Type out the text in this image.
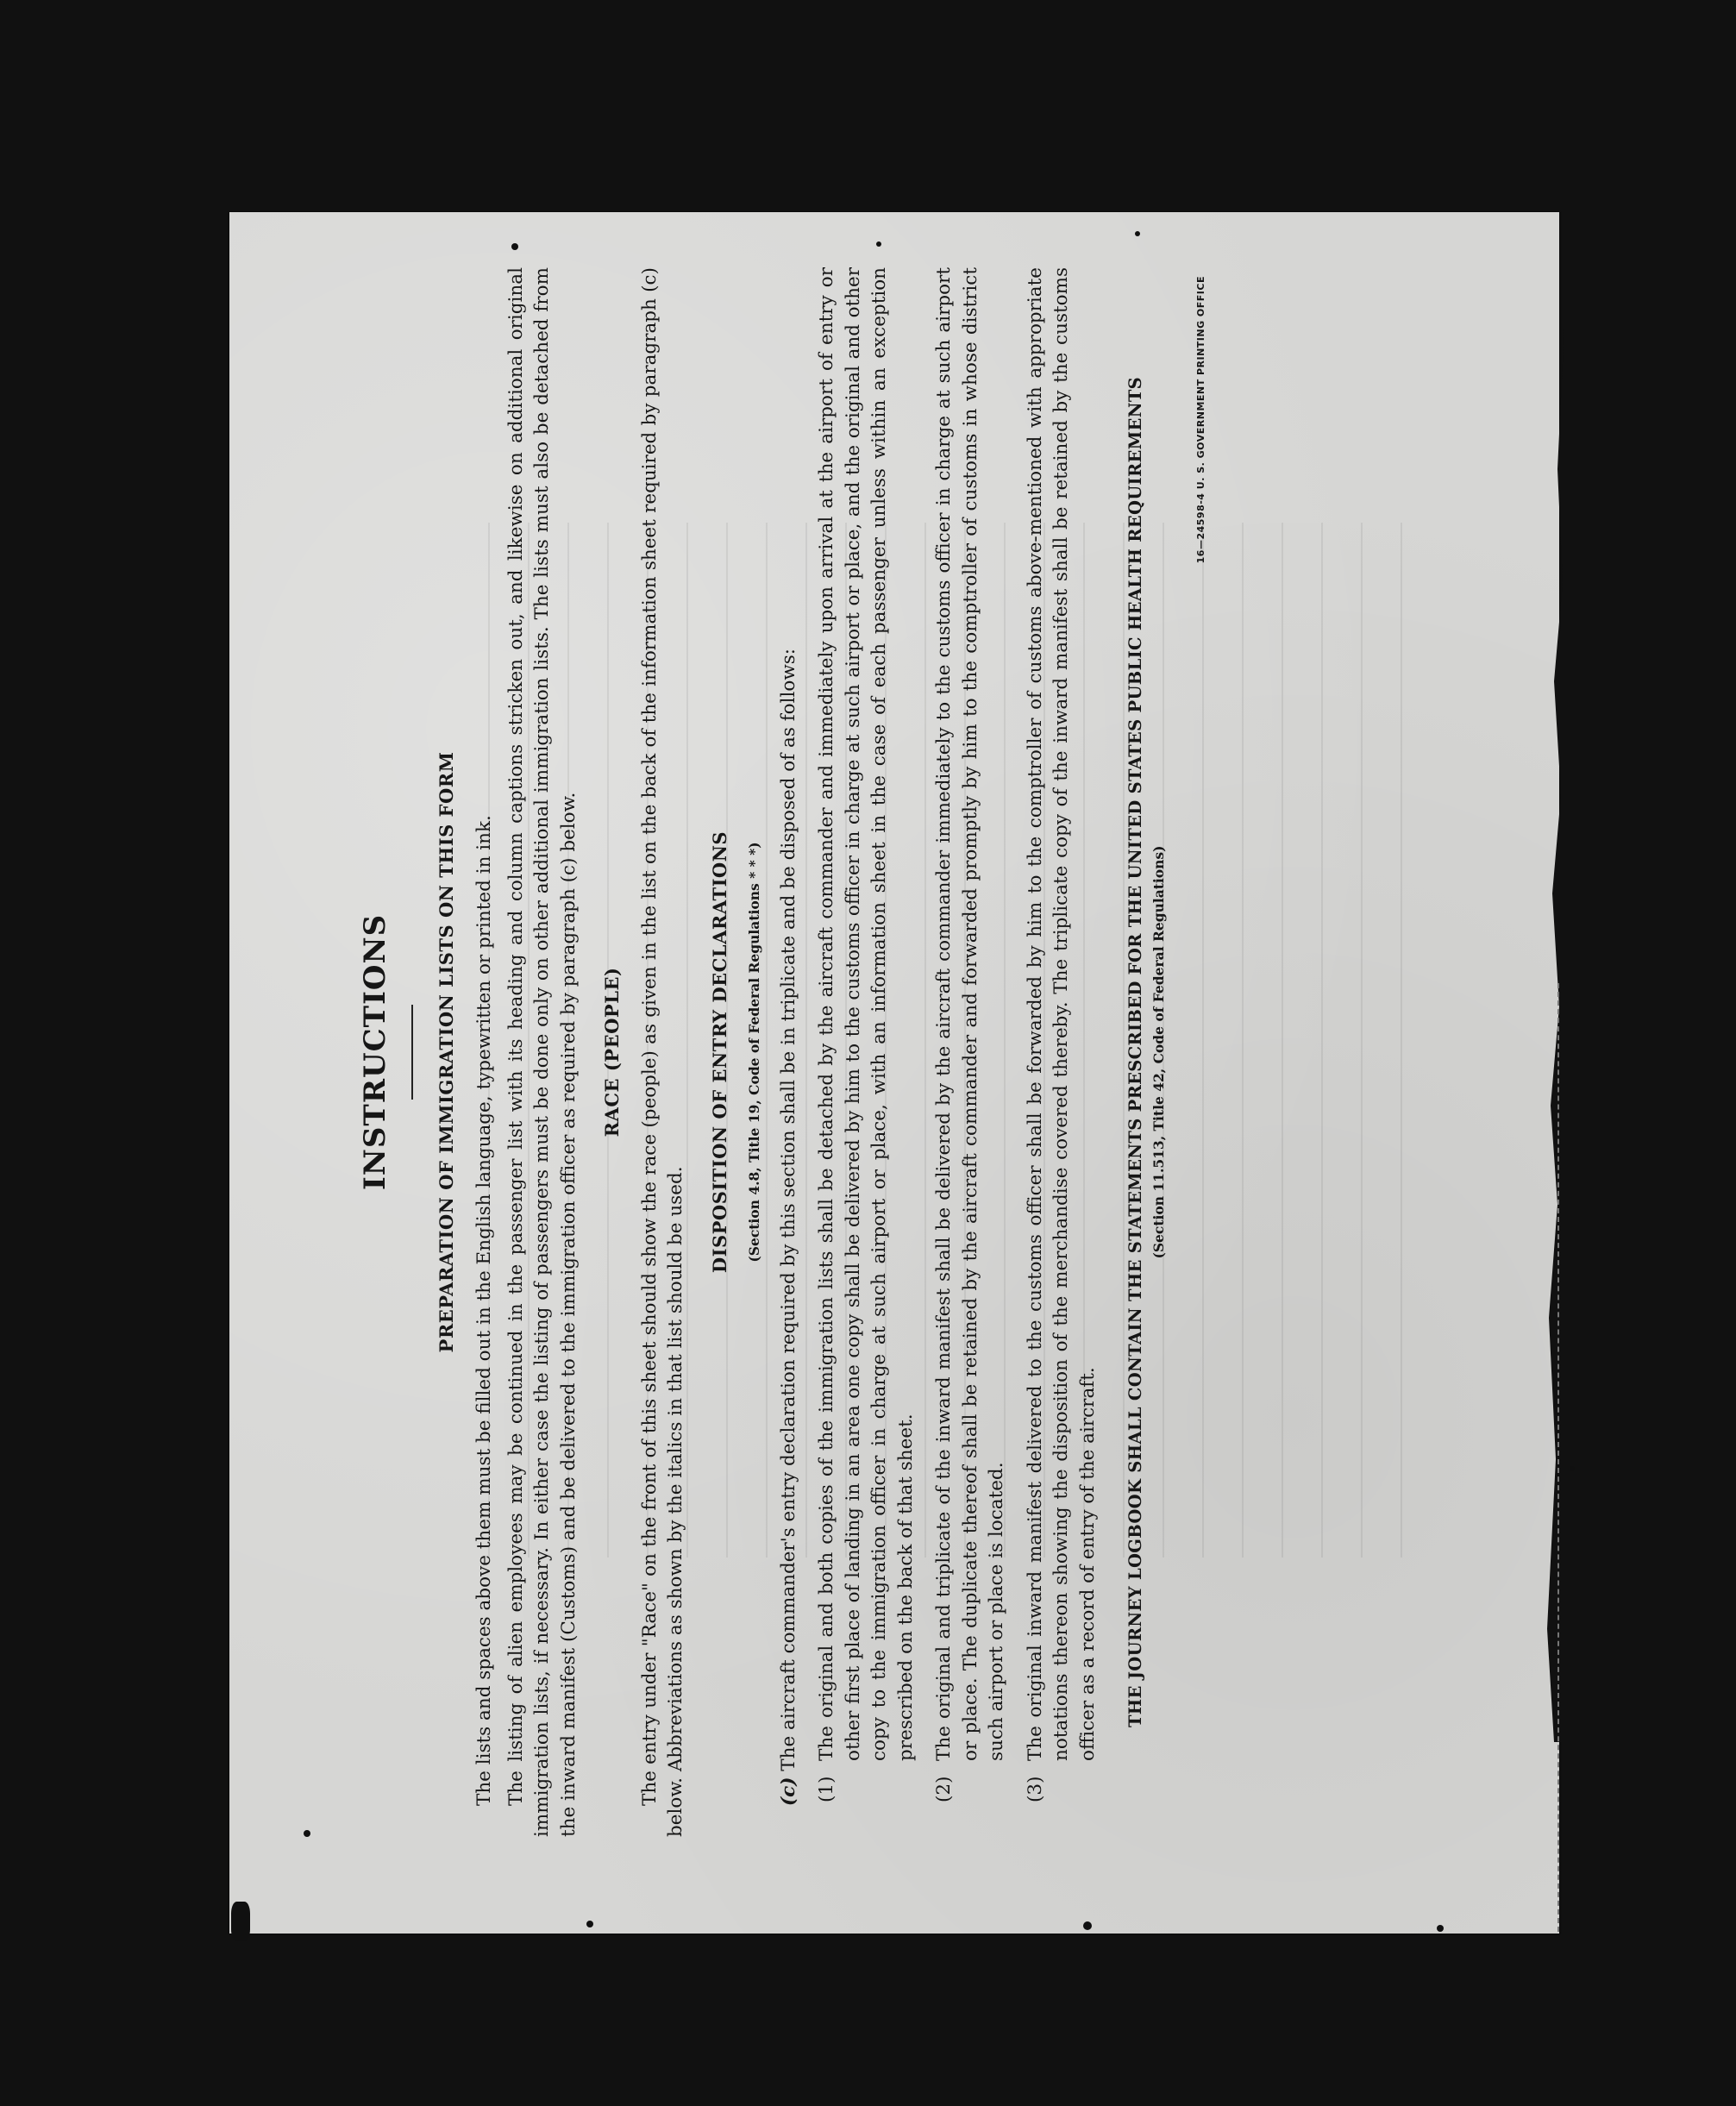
INSTRUCTIONS PREPARATION OF IMMIGRATION LISTS ON THIS FORM The lists and spaces above them must be filled out in the English language, typewritten or printed in ink. The listing of alien employees may be continued in the passenger list with its heading and column captions stricken out, and likewise on additional original immigration lists, if necessary. In either case the listing of passengers must be done only on other additional immigration lists. The lists must also be detached from the inward manifest (Customs) and be delivered to the immigration officer as required by paragraph (c) below. RACE (PEOPLE) The entry under "Race" on the front of this sheet should show the race (people) as given in the list on the back of the information sheet required by paragraph (c) below. Abbreviations as shown by the italics in that list should be used.

DISPOSITION OF ENTRY DECLARATIONS (Section 4.8, Title 19, Code of Federal Regulations * * *)

(c) The aircraft commander's entry declaration required by this section shall be in triplicate and be disposed of as follows:

(1)
The original and both copies of the immigration lists shall be detached by the aircraft commander and immediately upon arrival at the airport of entry or other first place of landing in an area one copy shall be delivered by him to the customs officer in charge at such airport or place, and the original and other copy to the immigration officer in charge at such airport or place, with an information sheet in the case of each passenger unless within an exception prescribed on the back of that sheet.
(2)
The original and triplicate of the inward manifest shall be delivered by the aircraft commander immediately to the customs officer in charge at such airport or place. The duplicate thereof shall be retained by the aircraft commander and forwarded promptly by him to the comptroller of customs in whose district such airport or place is located.
(3)
The original inward manifest delivered to the customs officer shall be forwarded by him to the comptroller of customs above-mentioned with appropriate notations thereon showing the disposition of the merchandise covered thereby. The triplicate copy of the inward manifest shall be retained by the customs officer as a record of entry of the aircraft. THE JOURNEY LOGBOOK SHALL CONTAIN THE STATEMENTS PRESCRIBED FOR THE UNITED STATES PUBLIC HEALTH REQUIREMENTS (Section 11.513, Title 42, Code of Federal Regulations)
16—24598-4 U. S. GOVERNMENT PRINTING OFFICE
